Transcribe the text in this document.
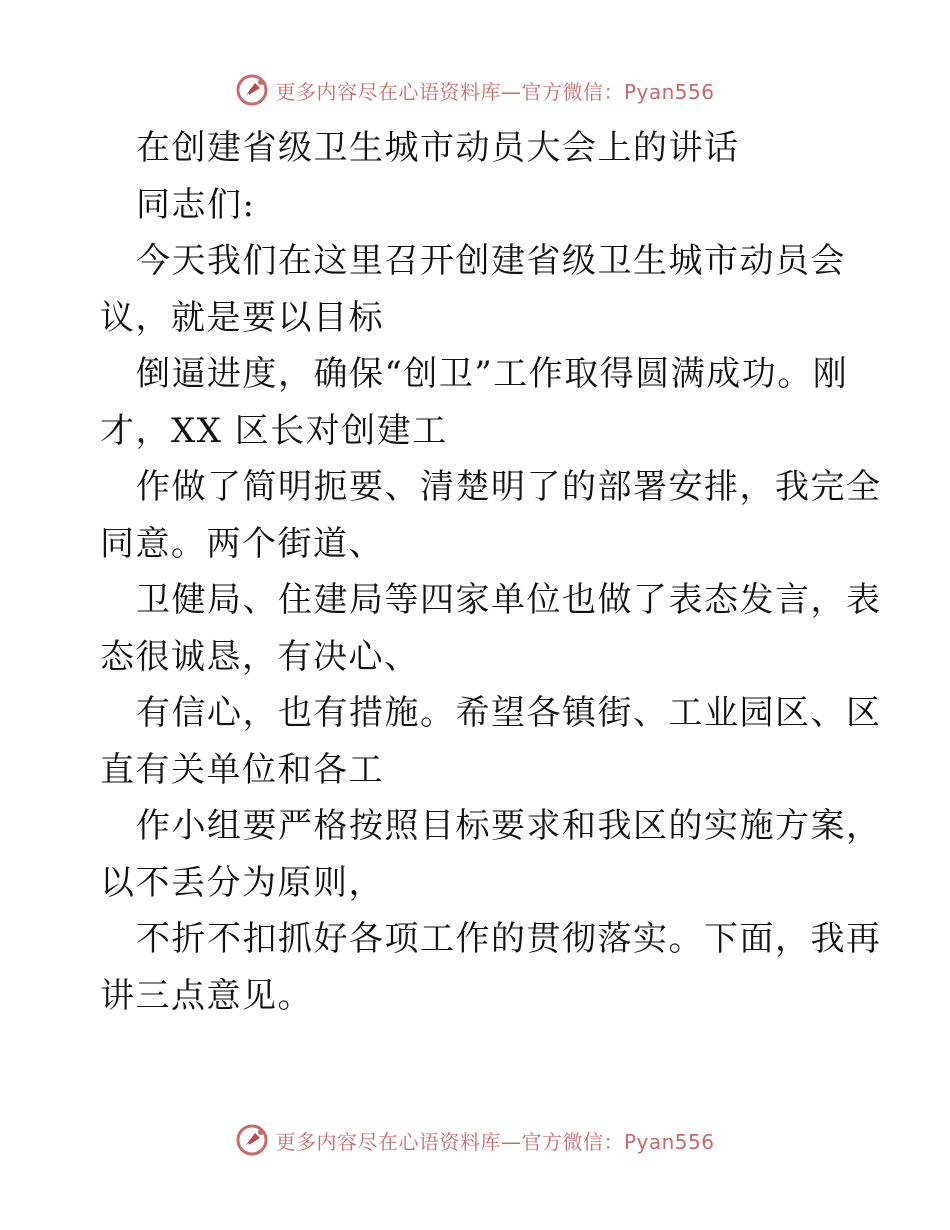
更多内容尽在心语资料库—官方微信：Pyan556
在创建省级卫生城市动员大会上的讲话
同志们:
今天我们在这里召开创建省级卫生城市动员会
议，就是要以目标
倒逼进度，确保“创卫”工作取得圆满成功。刚
才，XX 区长对创建工
作做了简明扼要、清楚明了的部署安排，我完全
同意。两个街道、
卫健局、住建局等四家单位也做了表态发言，表
态很诚恳，有决心、
有信心，也有措施。希望各镇街、工业园区、区
直有关单位和各工
作小组要严格按照目标要求和我区的实施方案，
以不丢分为原则，
不折不扣抓好各项工作的贯彻落实。下面，我再
讲三点意见。
更多内容尽在心语资料库—官方微信：Pyan556
